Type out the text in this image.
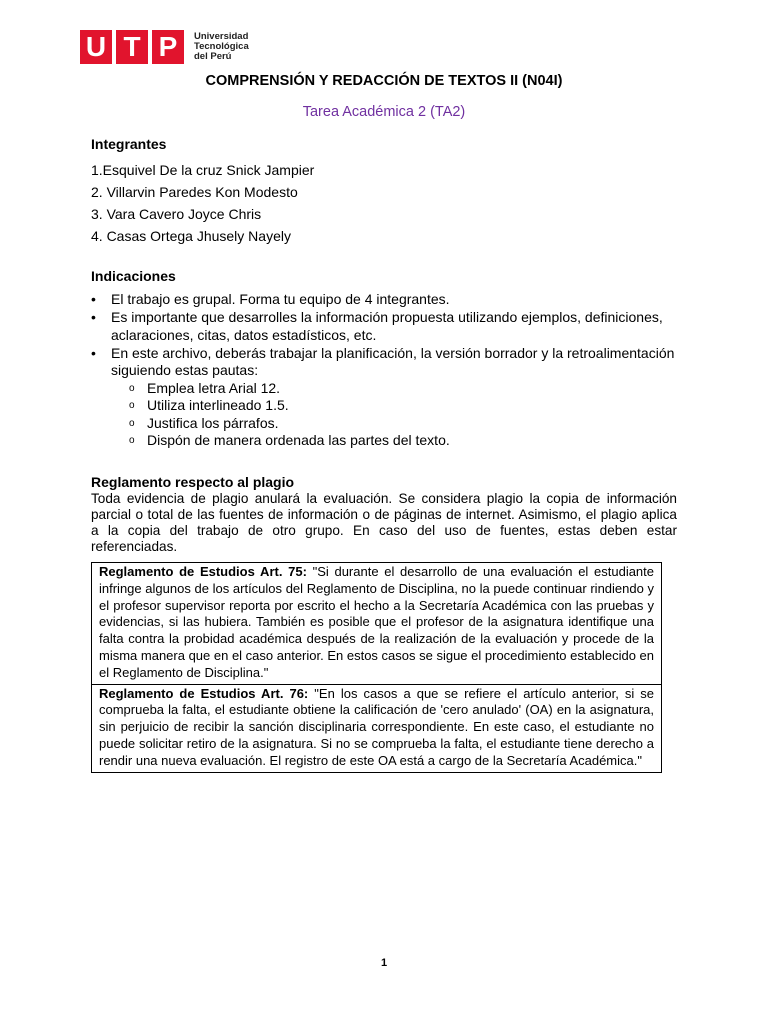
U T P	Universidad
Tecnológica
del Perú
COMPRENSIÓN Y REDACCIÓN DE TEXTOS II (N04I)
Tarea Académica 2 (TA2)
Integrantes
1.Esquivel De la cruz Snick Jampier
2. Villarvin Paredes Kon Modesto
3. Vara Cavero Joyce Chris
4. Casas Ortega Jhusely Nayely
Indicaciones
• El trabajo es grupal. Forma tu equipo de 4 integrantes.
• Es importante que desarrolles la información propuesta utilizando ejemplos, definiciones, aclaraciones, citas, datos estadísticos, etc.
• En este archivo, deberás trabajar la planificación, la versión borrador y la retroalimentación siguiendo estas pautas:
o Emplea letra Arial 12.
o Utiliza interlineado 1.5.
o Justifica los párrafos.
o Dispón de manera ordenada las partes del texto.
Reglamento respecto al plagio

Toda evidencia de plagio anulará la evaluación. Se considera plagio la copia de información parcial o total de las fuentes de información o de páginas de internet. Asimismo, el plagio aplica a la copia del trabajo de otro grupo. En caso del uso de fuentes, estas deben estar referenciadas.

Reglamento de Estudios Art. 75: "Si durante el desarrollo de una evaluación el estudiante infringe algunos de los artículos del Reglamento de Disciplina, no la puede continuar rindiendo y el profesor supervisor reporta por escrito el hecho a la Secretaría Académica con las pruebas y evidencias, si las hubiera. También es posible que el profesor de la asignatura identifique una falta contra la probidad académica después de la realización de la evaluación y procede de la misma manera que en el caso anterior. En estos casos se sigue el procedimiento establecido en el Reglamento de Disciplina."
Reglamento de Estudios Art. 76: "En los casos a que se refiere el artículo anterior, si se comprueba la falta, el estudiante obtiene la calificación de 'cero anulado' (OA) en la asignatura, sin perjuicio de recibir la sanción disciplinaria correspondiente. En este caso, el estudiante no puede solicitar retiro de la asignatura. Si no se comprueba la falta, el estudiante tiene derecho a rendir una nueva evaluación. El registro de este OA está a cargo de la Secretaría Académica."
1
